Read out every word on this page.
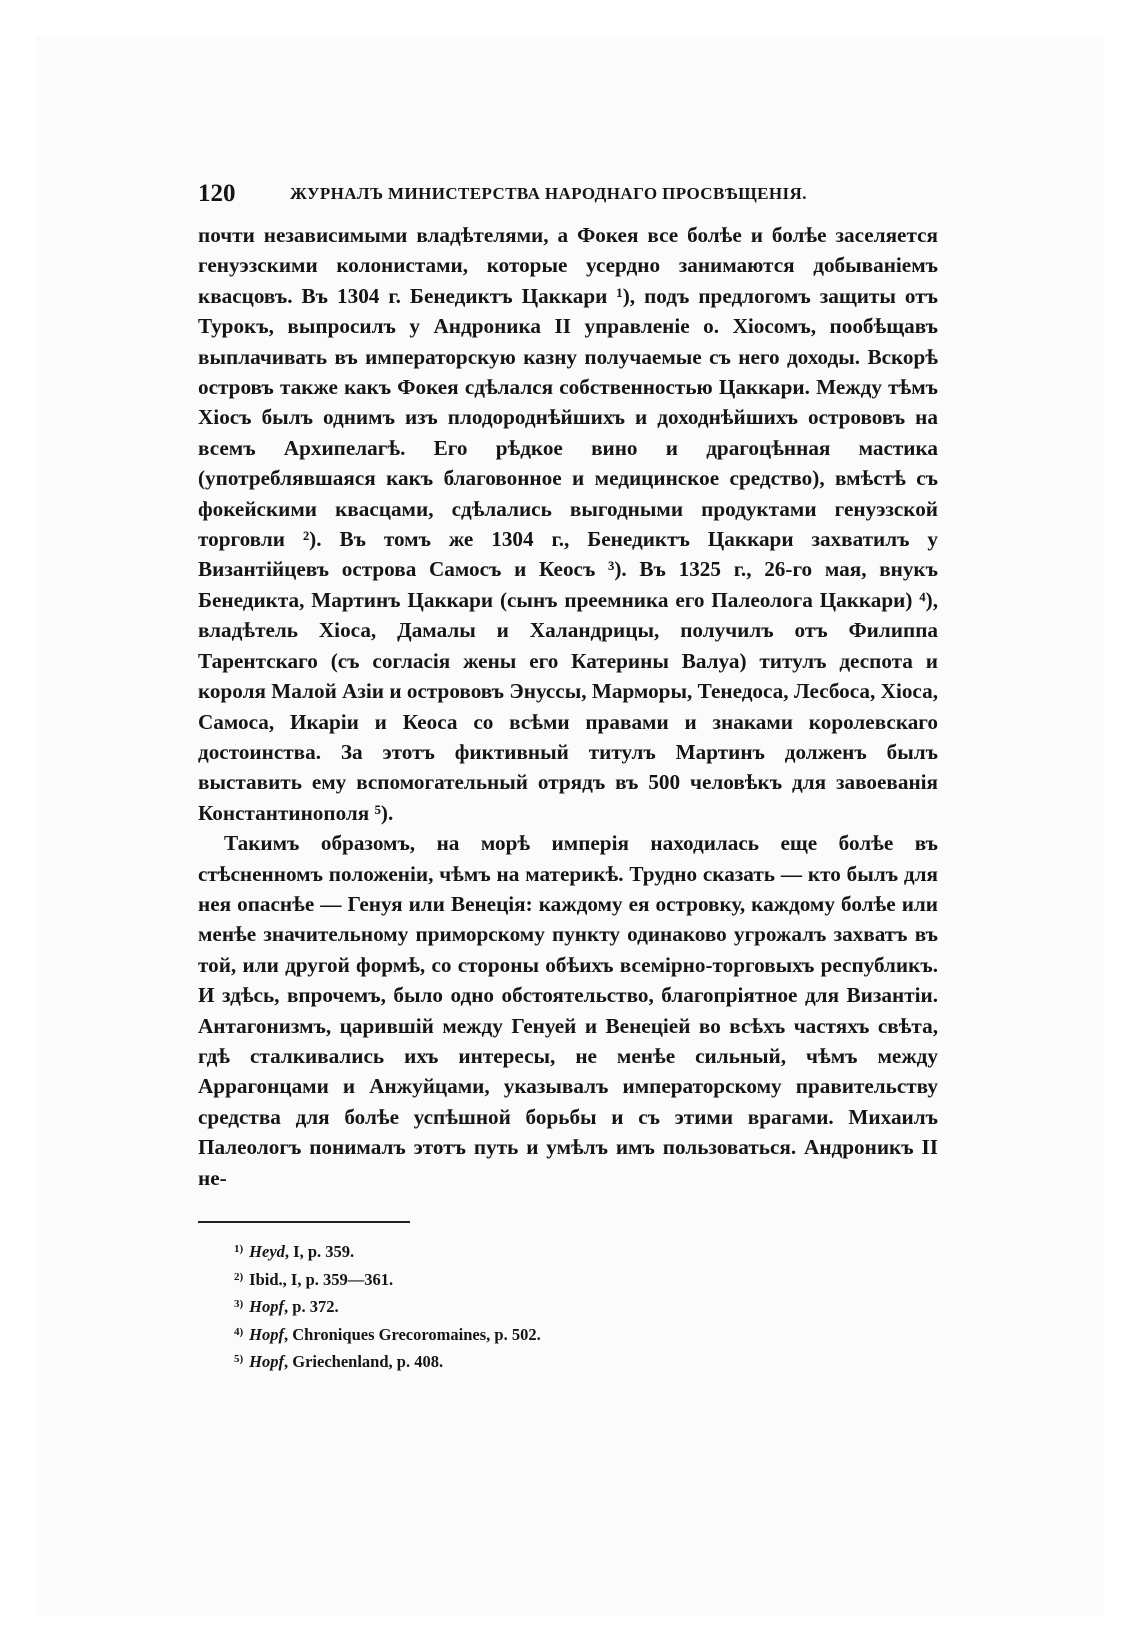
120	ЖУРНАЛЪ МИНИСТЕРСТВА НАРОДНАГО ПРОСВѢЩЕНІЯ.

почти независимыми владѣтелями, а Фокея все болѣе и болѣе заселяется генуэзскими колонистами, которые усердно занимаются добываніемъ квасцовъ. Въ 1304 г. Бенедиктъ Цаккари ¹), подъ предлогомъ защиты отъ Турокъ, выпросилъ у Андроника II управленіе о. Хіосомъ, пообѣщавъ выплачивать въ императорскую казну получаемые съ него доходы. Вскорѣ островъ также какъ Фокея сдѣлался собственностью Цаккари. Между тѣмъ Хіосъ былъ однимъ изъ плодороднѣйшихъ и доходнѣйшихъ острововъ на всемъ Архипелагѣ. Его рѣдкое вино и драгоцѣнная мастика (употреблявшаяся какъ благовонное и медицинское средство), вмѣстѣ съ фокейскими квасцами, сдѣлались выгодными продуктами генуэзской торговли ²). Въ томъ же 1304 г., Бенедиктъ Цаккари захватилъ у Византійцевъ острова Самосъ и Кеосъ ³). Въ 1325 г., 26-го мая, внукъ Бенедикта, Мартинъ Цаккари (сынъ преемника его Палеолога Цаккари) ⁴), владѣтель Хіоса, Дамалы и Халандрицы, получилъ отъ Филиппа Тарентскаго (съ согласія жены его Катерины Валуа) титулъ деспота и короля Малой Азіи и острововъ Энуссы, Марморы, Тенедоса, Лесбоса, Хіоса, Самоса, Икаріи и Кеоса со всѣми правами и знаками королевскаго достоинства. За этотъ фиктивный титулъ Мартинъ долженъ былъ выставить ему вспомогательный отрядъ въ 500 человѣкъ для завоеванія Константинополя ⁵).

Такимъ образомъ, на морѣ имперія находилась еще болѣе въ стѣсненномъ положеніи, чѣмъ на материкѣ. Трудно сказать — кто былъ для нея опаснѣе — Генуя или Венеція: каждому ея островку, каждому болѣе или менѣе значительному приморскому пункту одинаково угрожалъ захватъ въ той, или другой формѣ, со стороны обѣихъ всемірно-торговыхъ республикъ. И здѣсь, впрочемъ, было одно обстоятельство, благопріятное для Византіи. Антагонизмъ, царившій между Генуей и Венеціей во всѣхъ частяхъ свѣта, гдѣ сталкивались ихъ интересы, не менѣе сильный, чѣмъ между Аррагонцами и Анжуйцами, указывалъ императорскому правительству средства для болѣе успѣшной борьбы и съ этими врагами. Михаилъ Палеологъ понималъ этотъ путь и умѣлъ имъ пользоваться. Андроникъ II не-

$^{1)}$ Heyd, I, p. 359.
$^{2)}$ Ibid., I, p. 359—361.
$^{3)}$ Hopf, p. 372.
$^{4)}$ Hopf, Chroniques Grecoromaines, p. 502.
$^{5)}$ Hopf, Griechenland, p. 408.
